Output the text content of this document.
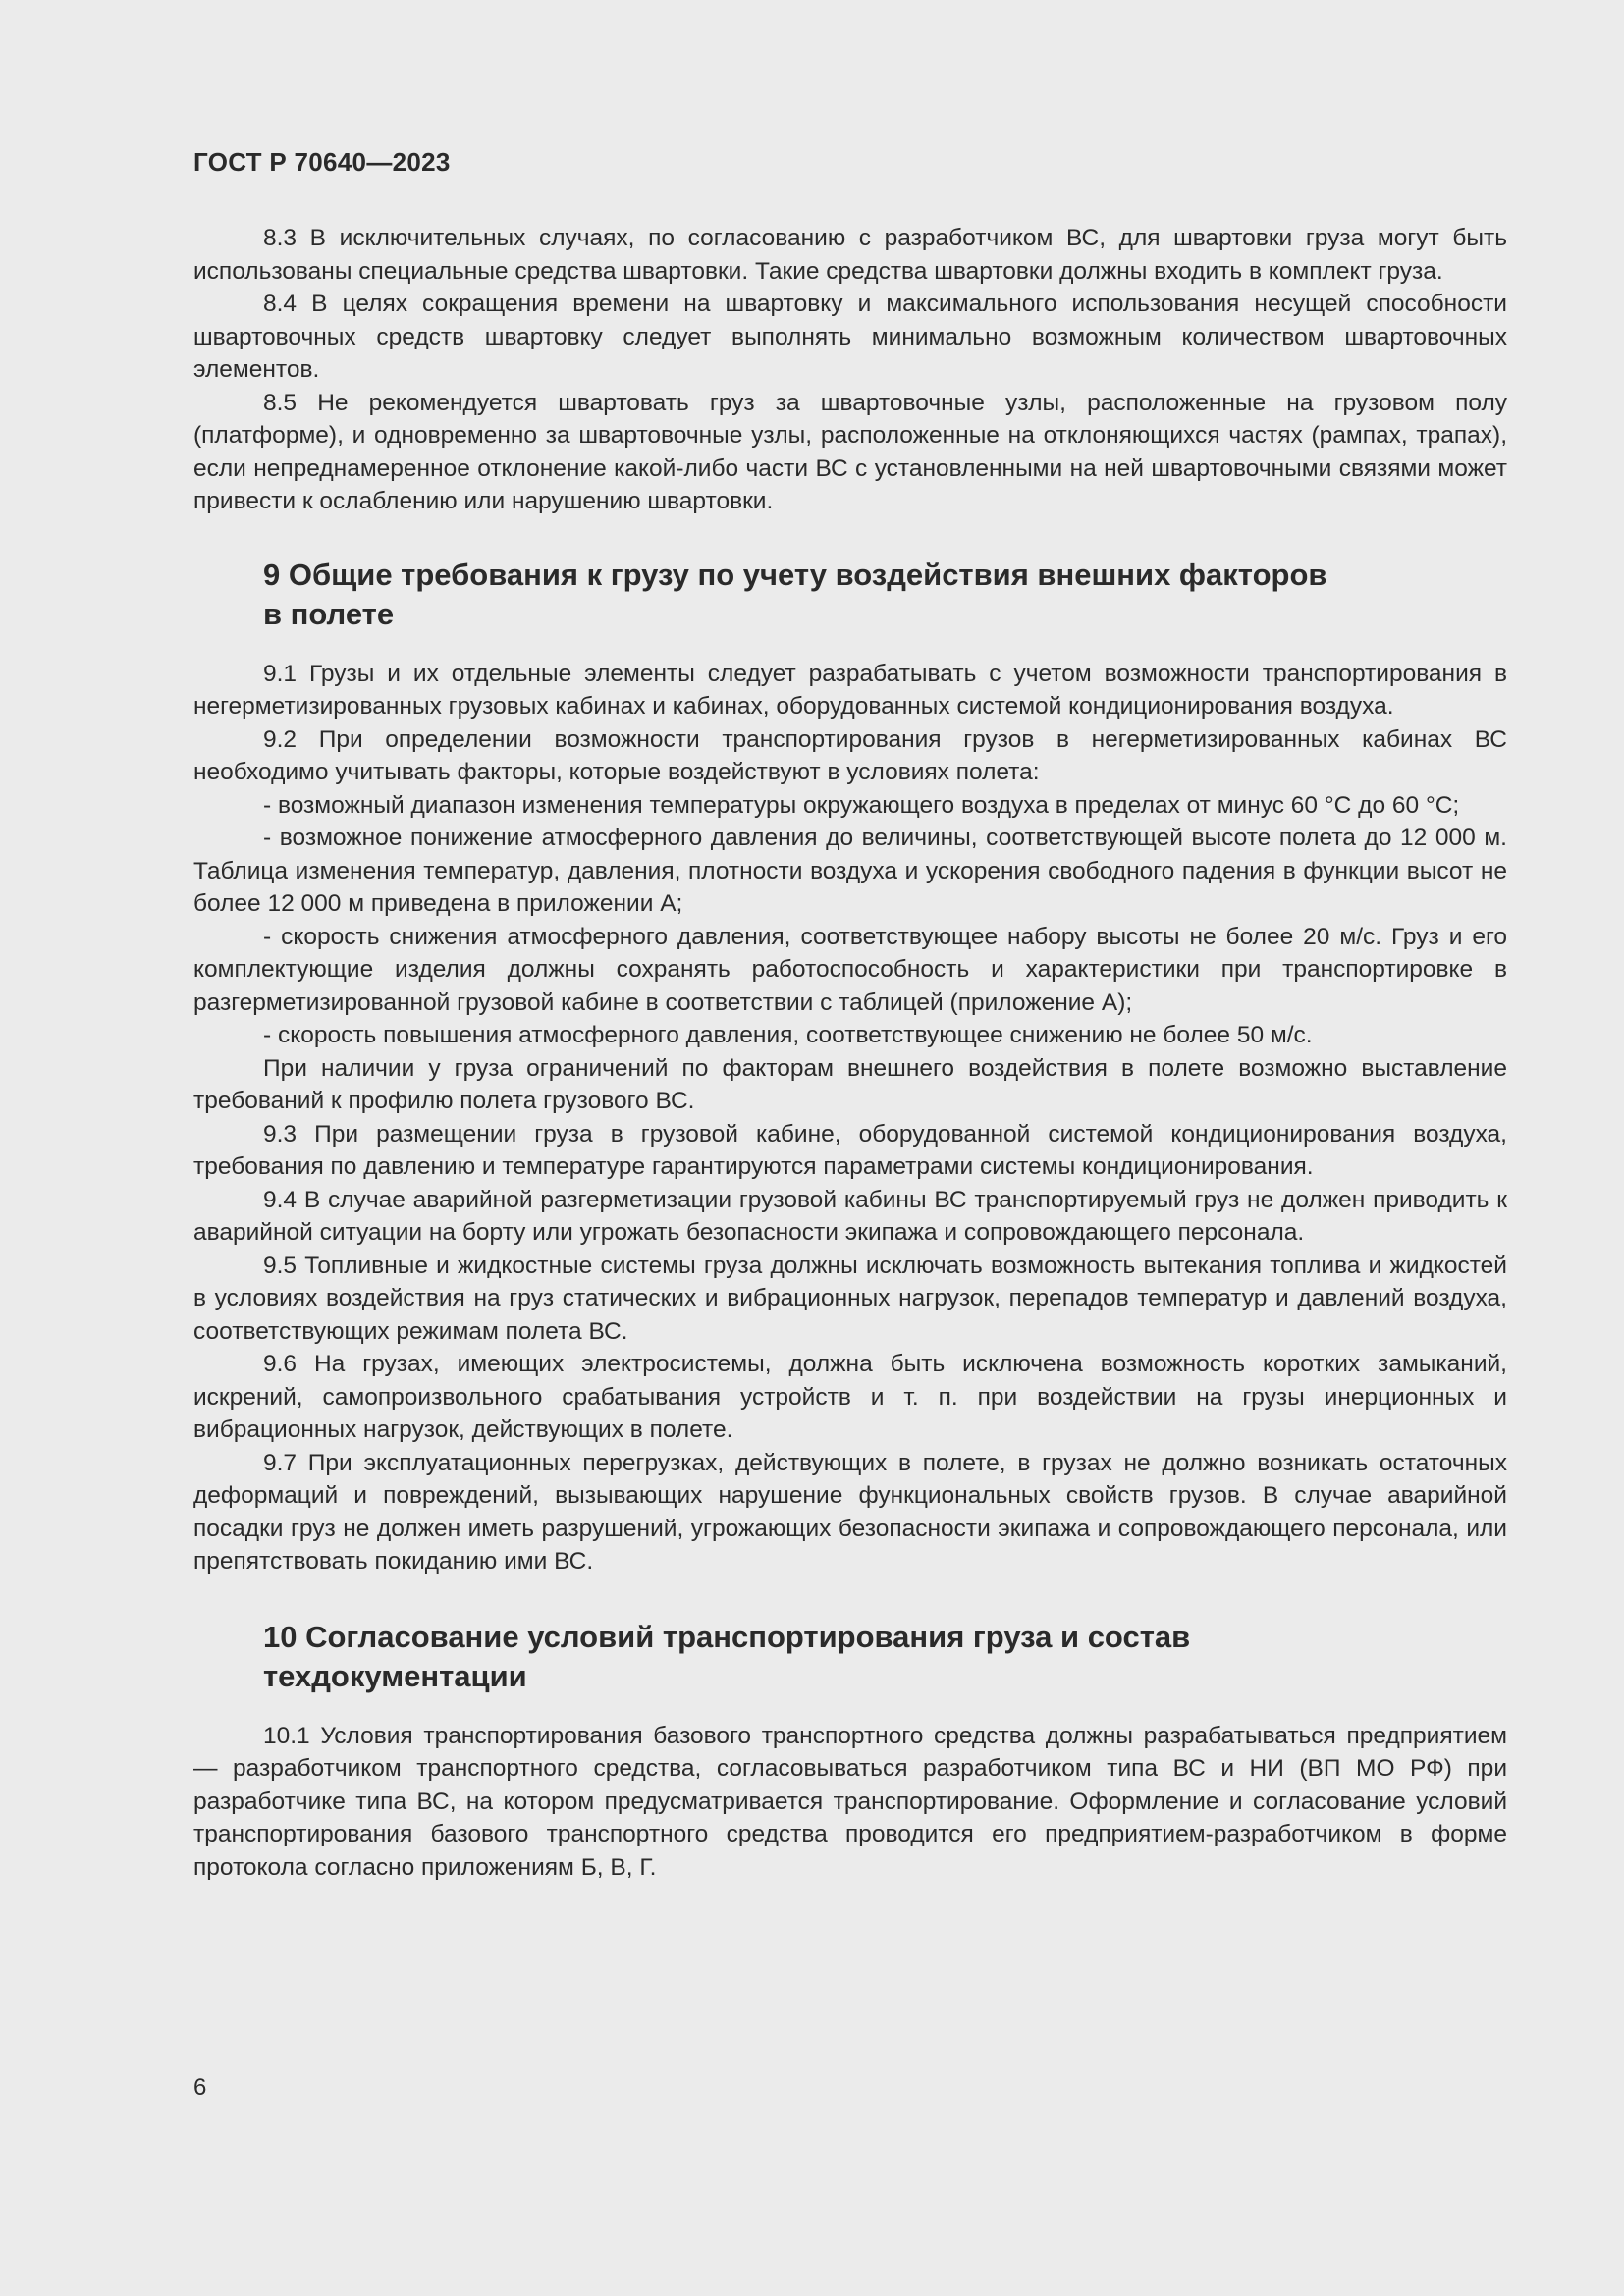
ГОСТ Р 70640—2023

8.3 В исключительных случаях, по согласованию с разработчиком ВС, для швартовки груза могут быть использованы специальные средства швартовки. Такие средства швартовки должны входить в комплект груза.

8.4 В целях сокращения времени на швартовку и максимального использования несущей способности швартовочных средств швартовку следует выполнять минимально возможным количеством швартовочных элементов.

8.5 Не рекомендуется швартовать груз за швартовочные узлы, расположенные на грузовом полу (платформе), и одновременно за швартовочные узлы, расположенные на отклоняющихся частях (рампах, трапах), если непреднамеренное отклонение какой-либо части ВС с установленными на ней швартовочными связями может привести к ослаблению или нарушению швартовки.

9 Общие требования к грузу по учету воздействия внешних факторов
в полете

9.1 Грузы и их отдельные элементы следует разрабатывать с учетом возможности транспортирования в негерметизированных грузовых кабинах и кабинах, оборудованных системой кондиционирования воздуха.

9.2 При определении возможности транспортирования грузов в негерметизированных кабинах ВС необходимо учитывать факторы, которые воздействуют в условиях полета:

- возможный диапазон изменения температуры окружающего воздуха в пределах от минус 60 °С до 60 °С;

- возможное понижение атмосферного давления до величины, соответствующей высоте полета до 12 000 м. Таблица изменения температур, давления, плотности воздуха и ускорения свободного падения в функции высот не более 12 000 м приведена в приложении А;

- скорость снижения атмосферного давления, соответствующее набору высоты не более 20 м/с. Груз и его комплектующие изделия должны сохранять работоспособность и характеристики при транспортировке в разгерметизированной грузовой кабине в соответствии с таблицей (приложение А);

- скорость повышения атмосферного давления, соответствующее снижению не более 50 м/с.

При наличии у груза ограничений по факторам внешнего воздействия в полете возможно выставление требований к профилю полета грузового ВС.

9.3 При размещении груза в грузовой кабине, оборудованной системой кондиционирования воздуха, требования по давлению и температуре гарантируются параметрами системы кондиционирования.

9.4 В случае аварийной разгерметизации грузовой кабины ВС транспортируемый груз не должен приводить к аварийной ситуации на борту или угрожать безопасности экипажа и сопровождающего персонала.

9.5 Топливные и жидкостные системы груза должны исключать возможность вытекания топлива и жидкостей в условиях воздействия на груз статических и вибрационных нагрузок, перепадов температур и давлений воздуха, соответствующих режимам полета ВС.

9.6 На грузах, имеющих электросистемы, должна быть исключена возможность коротких замыканий, искрений, самопроизвольного срабатывания устройств и т. п. при воздействии на грузы инерционных и вибрационных нагрузок, действующих в полете.

9.7 При эксплуатационных перегрузках, действующих в полете, в грузах не должно возникать остаточных деформаций и повреждений, вызывающих нарушение функциональных свойств грузов. В случае аварийной посадки груз не должен иметь разрушений, угрожающих безопасности экипажа и сопровождающего персонала, или препятствовать покиданию ими ВС.

10 Согласование условий транспортирования груза и состав
техдокументации

10.1 Условия транспортирования базового транспортного средства должны разрабатываться предприятием — разработчиком транспортного средства, согласовываться разработчиком типа ВС и НИ (ВП МО РФ) при разработчике типа ВС, на котором предусматривается транспортирование. Оформление и согласование условий транспортирования базового транспортного средства проводится его предприятием-разработчиком в форме протокола согласно приложениям Б, В, Г.

6
